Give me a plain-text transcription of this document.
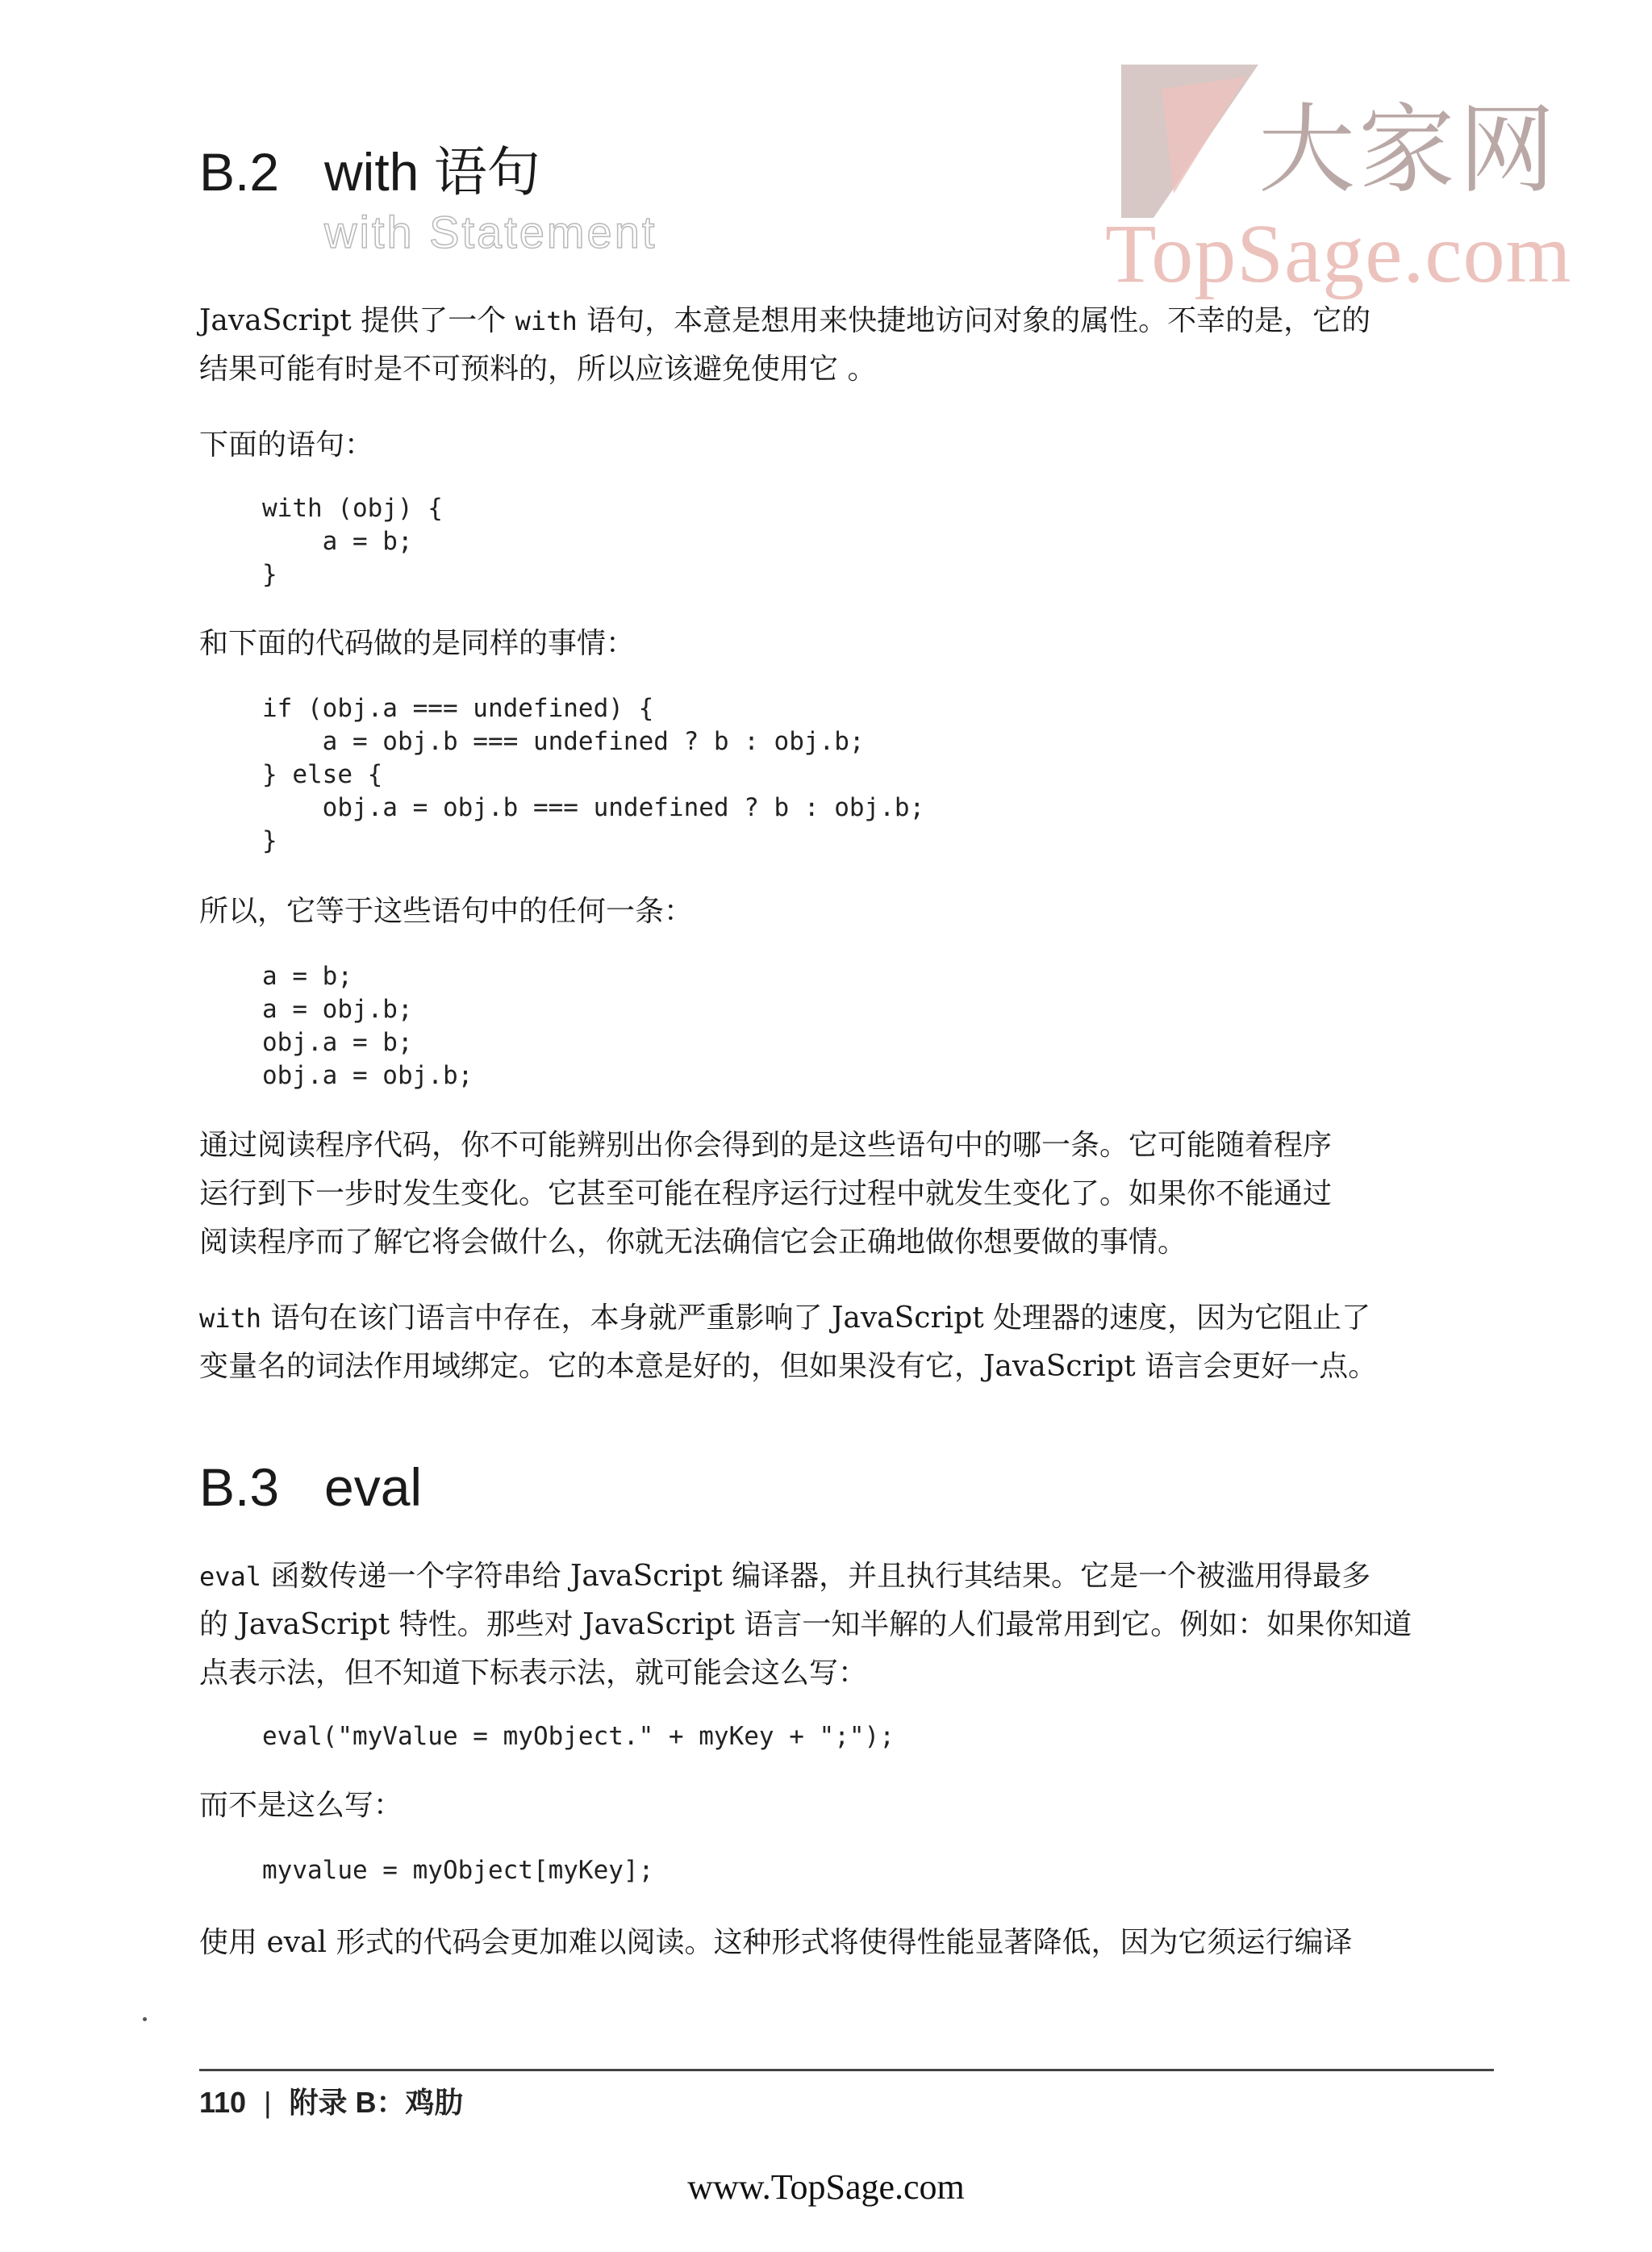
大家网
TopSage.com
B.2 with 语句
with Statement
JavaScript 提供了一个 with 语句，本意是想用来快捷地访问对象的属性。不幸的是，它的
结果可能有时是不可预料的，所以应该避免使用它 。
下面的语句：
with (obj) {
a = b;
}
和下面的代码做的是同样的事情：
if (obj.a === undefined) {
a = obj.b === undefined ? b : obj.b;
} else {
obj.a = obj.b === undefined ? b : obj.b;
}
所以，它等于这些语句中的任何一条：
a = b;
a = obj.b;
obj.a = b;
obj.a = obj.b;
通过阅读程序代码，你不可能辨别出你会得到的是这些语句中的哪一条。它可能随着程序
运行到下一步时发生变化。它甚至可能在程序运行过程中就发生变化了。如果你不能通过
阅读程序而了解它将会做什么，你就无法确信它会正确地做你想要做的事情。
with 语句在该门语言中存在，本身就严重影响了 JavaScript 处理器的速度，因为它阻止了
变量名的词法作用域绑定。它的本意是好的，但如果没有它，JavaScript 语言会更好一点。
B.3 eval
eval 函数传递一个字符串给 JavaScript 编译器，并且执行其结果。它是一个被滥用得最多
的 JavaScript 特性。那些对 JavaScript 语言一知半解的人们最常用到它。例如：如果你知道
点表示法，但不知道下标表示法，就可能会这么写：
eval("myValue = myObject." + myKey + ";");
而不是这么写：
myvalue = myObject[myKey];
使用 eval 形式的代码会更加难以阅读。这种形式将使得性能显著降低，因为它须运行编译
110 | 附录 B：鸡肋
www.TopSage.com
